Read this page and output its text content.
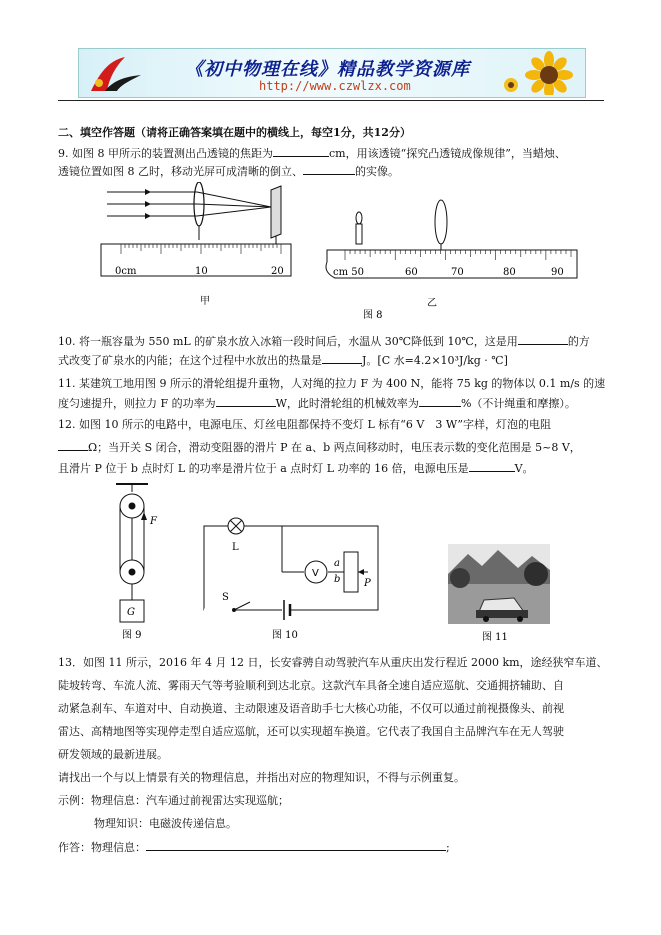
《初中物理在线》精品教学资源库
http://www.czwlzx.com
二、填空作答题（请将正确答案填在题中的横线上，每空1分，共12分）
9. 如图 8 甲所示的装置测出凸透镜的焦距为	cm，用该透镜“探究凸透镜成像规律”，当蜡烛、
透镜位置如图 8 乙时，移动光屏可成清晰的倒立、	的实像。
0cm	10	20
甲
cm 50	60	70	80	90
乙
图 8
10. 将一瓶容量为 550 mL 的矿泉水放入冰箱一段时间后，水温从 30℃降低到 10℃，这是用	的方
式改变了矿泉水的内能；在这个过程中水放出的热量是	J。[C 水=4.2×10³J/kg · ℃]
11. 某建筑工地用图 9 所示的滑轮组提升重物，人对绳的拉力 F 为 400 N，能将 75 kg 的物体以 0.1 m/s 的速
度匀速提升，则拉力 F 的功率为	W，此时滑轮组的机械效率为	%（不计绳重和摩擦）。
12. 如图 10 所示的电路中，电源电压、灯丝电阻都保持不变灯 L 标有“6 V　3 W”字样，灯泡的电阻
Ω；当开关 S 闭合，滑动变阻器的滑片 P 在 a、b 两点间移动时，电压表示数的变化范围是 5~8 V，
且滑片 P 位于 b 点时灯 L 的功率是滑片位于 a 点时灯 L 功率的 16 倍，电源电压是	V。
F
G
图 9
L
S
V
a
b P
图 10	图 11
13．如图 11 所示，2016 年 4 月 12 日，长安睿骋自动驾驶汽车从重庆出发行程近 2000 km，途经狭窄车道、
陡坡转弯、车流人流、雾雨天气等考验顺利到达北京。这款汽车具备全速自适应巡航、交通拥挤辅助、自
动紧急刹车、车道对中、自动换道、主动限速及语音助手七大核心功能，不仅可以通过前视摄像头、前视
雷达、高精地图等实现停走型自适应巡航，还可以实现超车换道。它代表了我国自主品牌汽车在无人驾驶
研发领域的最新进展。
请找出一个与以上情景有关的物理信息，并指出对应的物理知识，不得与示例重复。
示例：物理信息：汽车通过前视雷达实现巡航；
物理知识：电磁波传递信息。
作答：物理信息：	;
